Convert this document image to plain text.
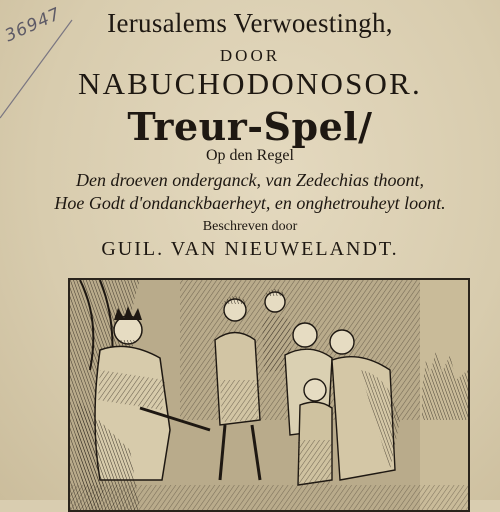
36947	Ierusalems Verwoestingh,
DOOR
NABUCHODONOSOR.
Treur-Spel/
Op den Regel
Den droeven onderganck, van Zedechias thoont,
Hoe Godt d'ondanckbaerheyt, en onghetrouheyt loont.
Beschreven door
GUIL. VAN NIEUWELANDT.
